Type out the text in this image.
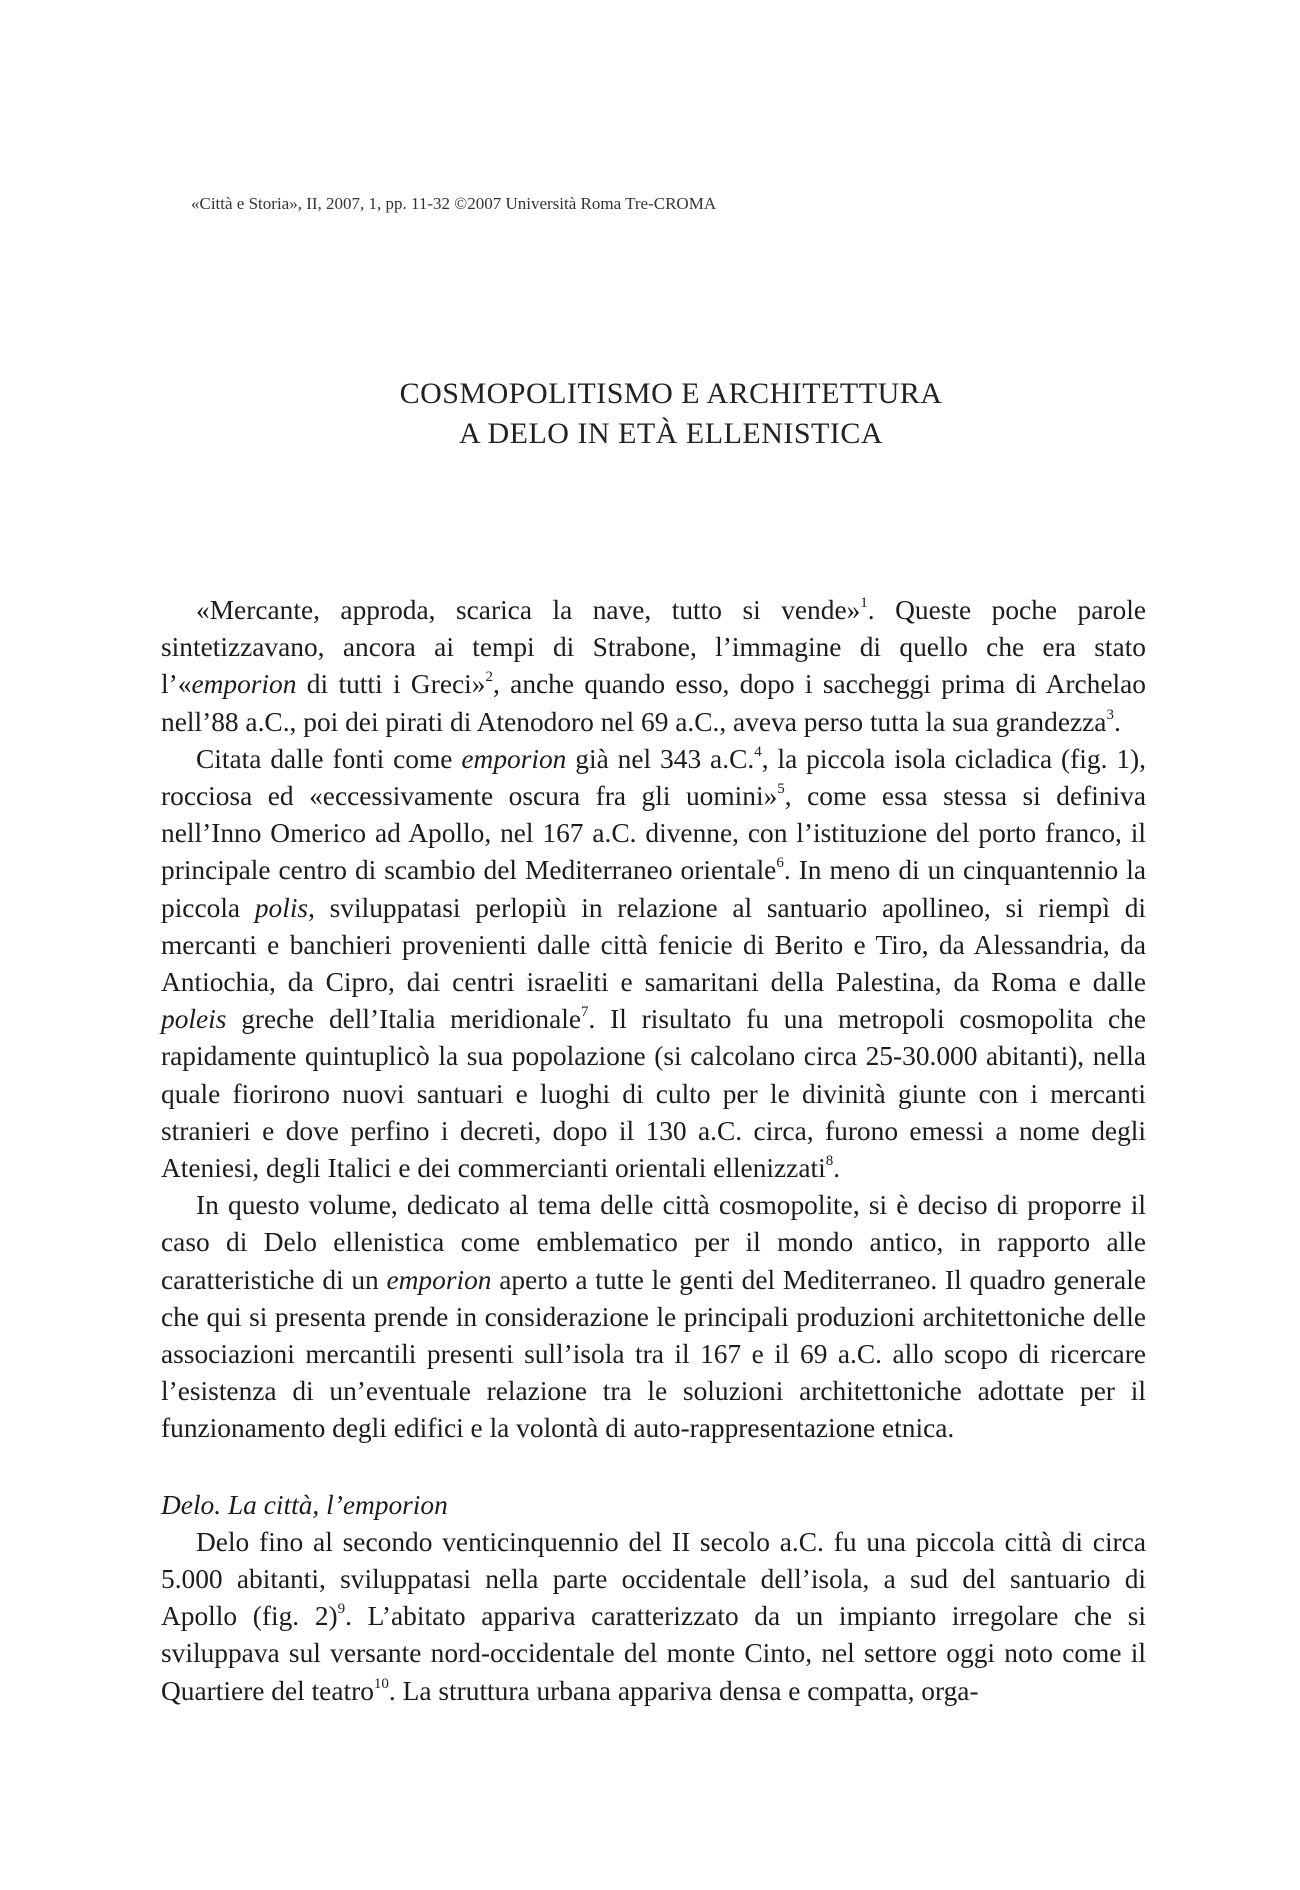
«Città e Storia», II, 2007, 1, pp. 11-32 ©2007 Università Roma Tre-CROMA
COSMOPOLITISMO E ARCHITETTURA
A DELO IN ETÀ ELLENISTICA

«Mercante, approda, scarica la nave, tutto si vende»$^1$. Queste poche parole sintetizzavano, ancora ai tempi di Strabone, l’immagine di quello che era stato l’«emporion di tutti i Greci»$^2$, anche quando esso, dopo i saccheggi prima di Archelao nell’88 a.C., poi dei pirati di Atenodoro nel 69 a.C., aveva perso tutta la sua grandezza$^3$.

Citata dalle fonti come emporion già nel 343 a.C.$^4$, la piccola isola cicladica (fig. 1), rocciosa ed «eccessivamente oscura fra gli uomini»$^5$, come essa stessa si definiva nell’Inno Omerico ad Apollo, nel 167 a.C. divenne, con l’istituzione del porto franco, il principale centro di scambio del Mediterraneo orientale$^6$. In meno di un cinquantennio la piccola polis, sviluppatasi perlopiù in relazione al santuario apollineo, si riempì di mercanti e banchieri provenienti dalle città fenicie di Berito e Tiro, da Alessandria, da Antiochia, da Cipro, dai centri israeliti e samaritani della Palestina, da Roma e dalle poleis greche dell’Italia meridionale$^7$. Il risultato fu una metropoli cosmopolita che rapidamente quintuplicò la sua popolazione (si calcolano circa 25-30.000 abitanti), nella quale fiorirono nuovi santuari e luoghi di culto per le divinità giunte con i mercanti stranieri e dove perfino i decreti, dopo il 130 a.C. circa, furono emessi a nome degli Ateniesi, degli Italici e dei commercianti orientali ellenizzati$^8$.

In questo volume, dedicato al tema delle città cosmopolite, si è deciso di proporre il caso di Delo ellenistica come emblematico per il mondo antico, in rapporto alle caratteristiche di un emporion aperto a tutte le genti del Mediterraneo. Il quadro generale che qui si presenta prende in considerazione le principali produzioni architettoniche delle associazioni mercantili presenti sull’isola tra il 167 e il 69 a.C. allo scopo di ricercare l’esistenza di un’eventuale relazione tra le soluzioni architettoniche adottate per il funzionamento degli edifici e la volontà di auto-rappresentazione etnica.

Delo. La città, l’emporion

Delo fino al secondo venticinquennio del II secolo a.C. fu una piccola città di circa 5.000 abitanti, sviluppatasi nella parte occidentale dell’isola, a sud del santuario di Apollo (fig. 2)$^9$. L’abitato appariva caratterizzato da un impianto irregolare che si sviluppava sul versante nord-occidentale del monte Cinto, nel settore oggi noto come il Quartiere del teatro$^{10}$. La struttura urbana appariva densa e compatta, orga-
